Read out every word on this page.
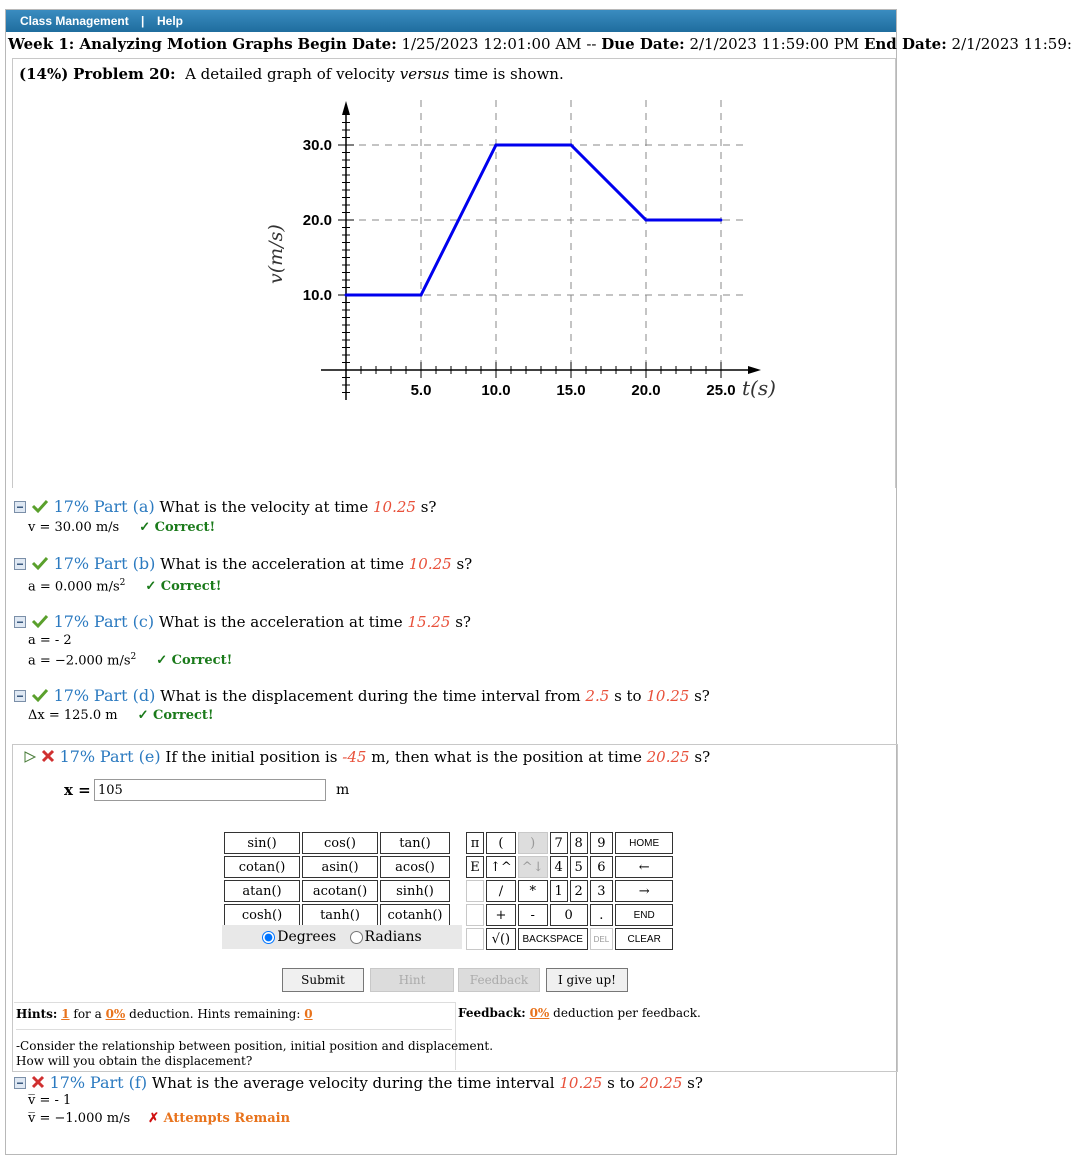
Class Management | Help
Week 1: Analyzing Motion Graphs Begin Date: 1/25/2023 12:01:00 AM -- Due Date: 2/1/2023 11:59:00 PM End Date: 2/1/2023 11:59:
(14%) Problem 20: A detailed graph of velocity versus time is shown.
5.0	10.0	15.0	20.0	25.0
10.0
20.0
30.0
t(s)
v(m/s)
17% Part (a) What is the velocity at time 10.25 s?
v = 30.00 m/s ✓ Correct!
17% Part (b) What is the acceleration at time 10.25 s?
a = 0.000 $m/s^2$ ✓ Correct!
17% Part (c) What is the acceleration at time 15.25 s?
a = - 2
a = −2.000 $m/s^2$ ✓ Correct!
17% Part (d) What is the displacement during the time interval from 2.5 s to 10.25 s?
Δx = 125.0 m ✓ Correct!
17% Part (e) If the initial position is -45 m, then what is the position at time 20.25 s?
x =
105	m
sin()	cos()	tan()
cotan()	asin()	acos()
atan()	acotan()	sinh()
cosh()	tanh()	cotanh()
Degrees Radians
π	(	)	7	8	9	HOME
E	↑^	^↓	4	5	6	←
	/	*	1	2	3	→
	+	-	0		.	END
	√()	BACKSPACE			DEL	CLEAR
Submit	Hint	Feedback	I give up!
Hints: 1 for a 0% deduction. Hints remaining: 0
-Consider the relationship between position, initial position and displacement.
How will you obtain the displacement?
Feedback: 0% deduction per feedback.
17% Part (f) What is the average velocity during the time interval 10.25 s to 20.25 s?
v̅ = - 1
v̅ = −1.000 m/s ✗ Attempts Remain
